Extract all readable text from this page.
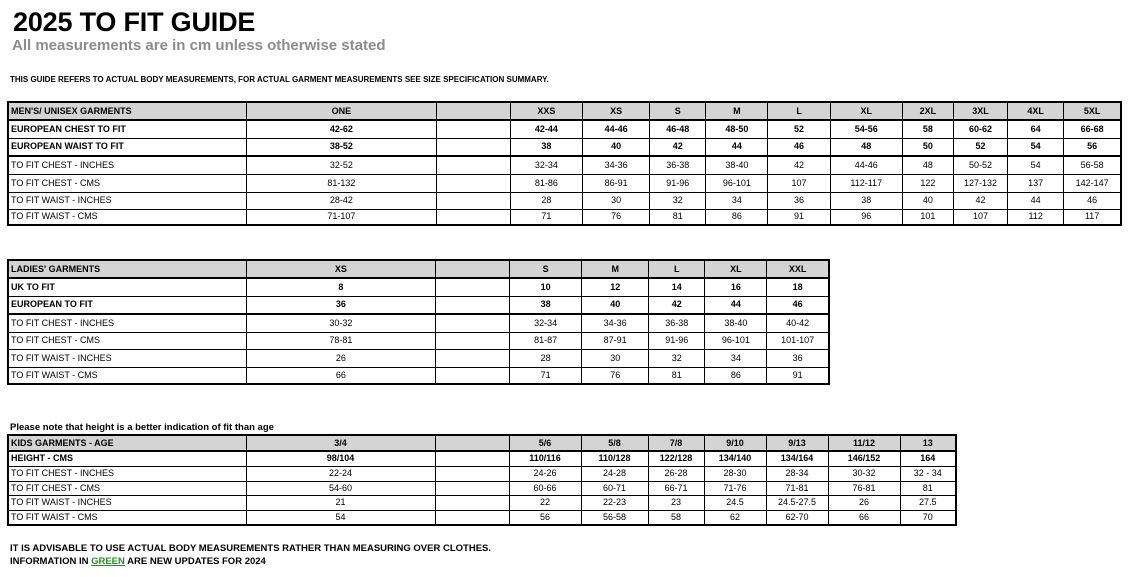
2025 TO FIT GUIDE
All measurements are in cm unless otherwise stated
THIS GUIDE REFERS TO ACTUAL BODY MEASUREMENTS, FOR ACTUAL GARMENT MEASUREMENTS SEE SIZE SPECIFICATION SUMMARY.
MEN'S/ UNISEX GARMENTS	ONE		XXS	XS	S	M	L	XL	2XL	3XL	4XL	5XL
EUROPEAN CHEST TO FIT	42-62		42-44	44-46	46-48	48-50	52	54-56	58	60-62	64	66-68
EUROPEAN WAIST TO FIT	38-52		38	40	42	44	46	48	50	52	54	56
TO FIT CHEST - INCHES	32-52		32-34	34-36	36-38	38-40	42	44-46	48	50-52	54	56-58
TO FIT CHEST - CMS	81-132		81-86	86-91	91-96	96-101	107	112-117	122	127-132	137	142-147
TO FIT WAIST - INCHES	28-42		28	30	32	34	36	38	40	42	44	46
TO FIT WAIST - CMS	71-107		71	76	81	86	91	96	101	107	112	117
LADIES' GARMENTS	XS		S	M	L	XL	XXL
UK TO FIT	8		10	12	14	16	18
EUROPEAN TO FIT	36		38	40	42	44	46
TO FIT CHEST - INCHES	30-32		32-34	34-36	36-38	38-40	40-42
TO FIT CHEST - CMS	78-81		81-87	87-91	91-96	96-101	101-107
TO FIT WAIST - INCHES	26		28	30	32	34	36
TO FIT WAIST - CMS	66		71	76	81	86	91
Please note that height is a better indication of fit than age
KIDS GARMENTS - AGE	3/4		5/6	5/8	7/8	9/10	9/13	11/12	13
HEIGHT - CMS	98/104		110/116	110/128	122/128	134/140	134/164	146/152	164
TO FIT CHEST - INCHES	22-24		24-26	24-28	26-28	28-30	28-34	30-32	32 - 34
TO FIT CHEST - CMS	54-60		60-66	60-71	66-71	71-76	71-81	76-81	81
TO FIT WAIST - INCHES	21		22	22-23	23	24.5	24.5-27.5	26	27.5
TO FIT WAIST - CMS	54		56	56-58	58	62	62-70	66	70
IT IS ADVISABLE TO USE ACTUAL BODY MEASUREMENTS RATHER THAN MEASURING OVER CLOTHES.
INFORMATION IN GREEN ARE NEW UPDATES FOR 2024
